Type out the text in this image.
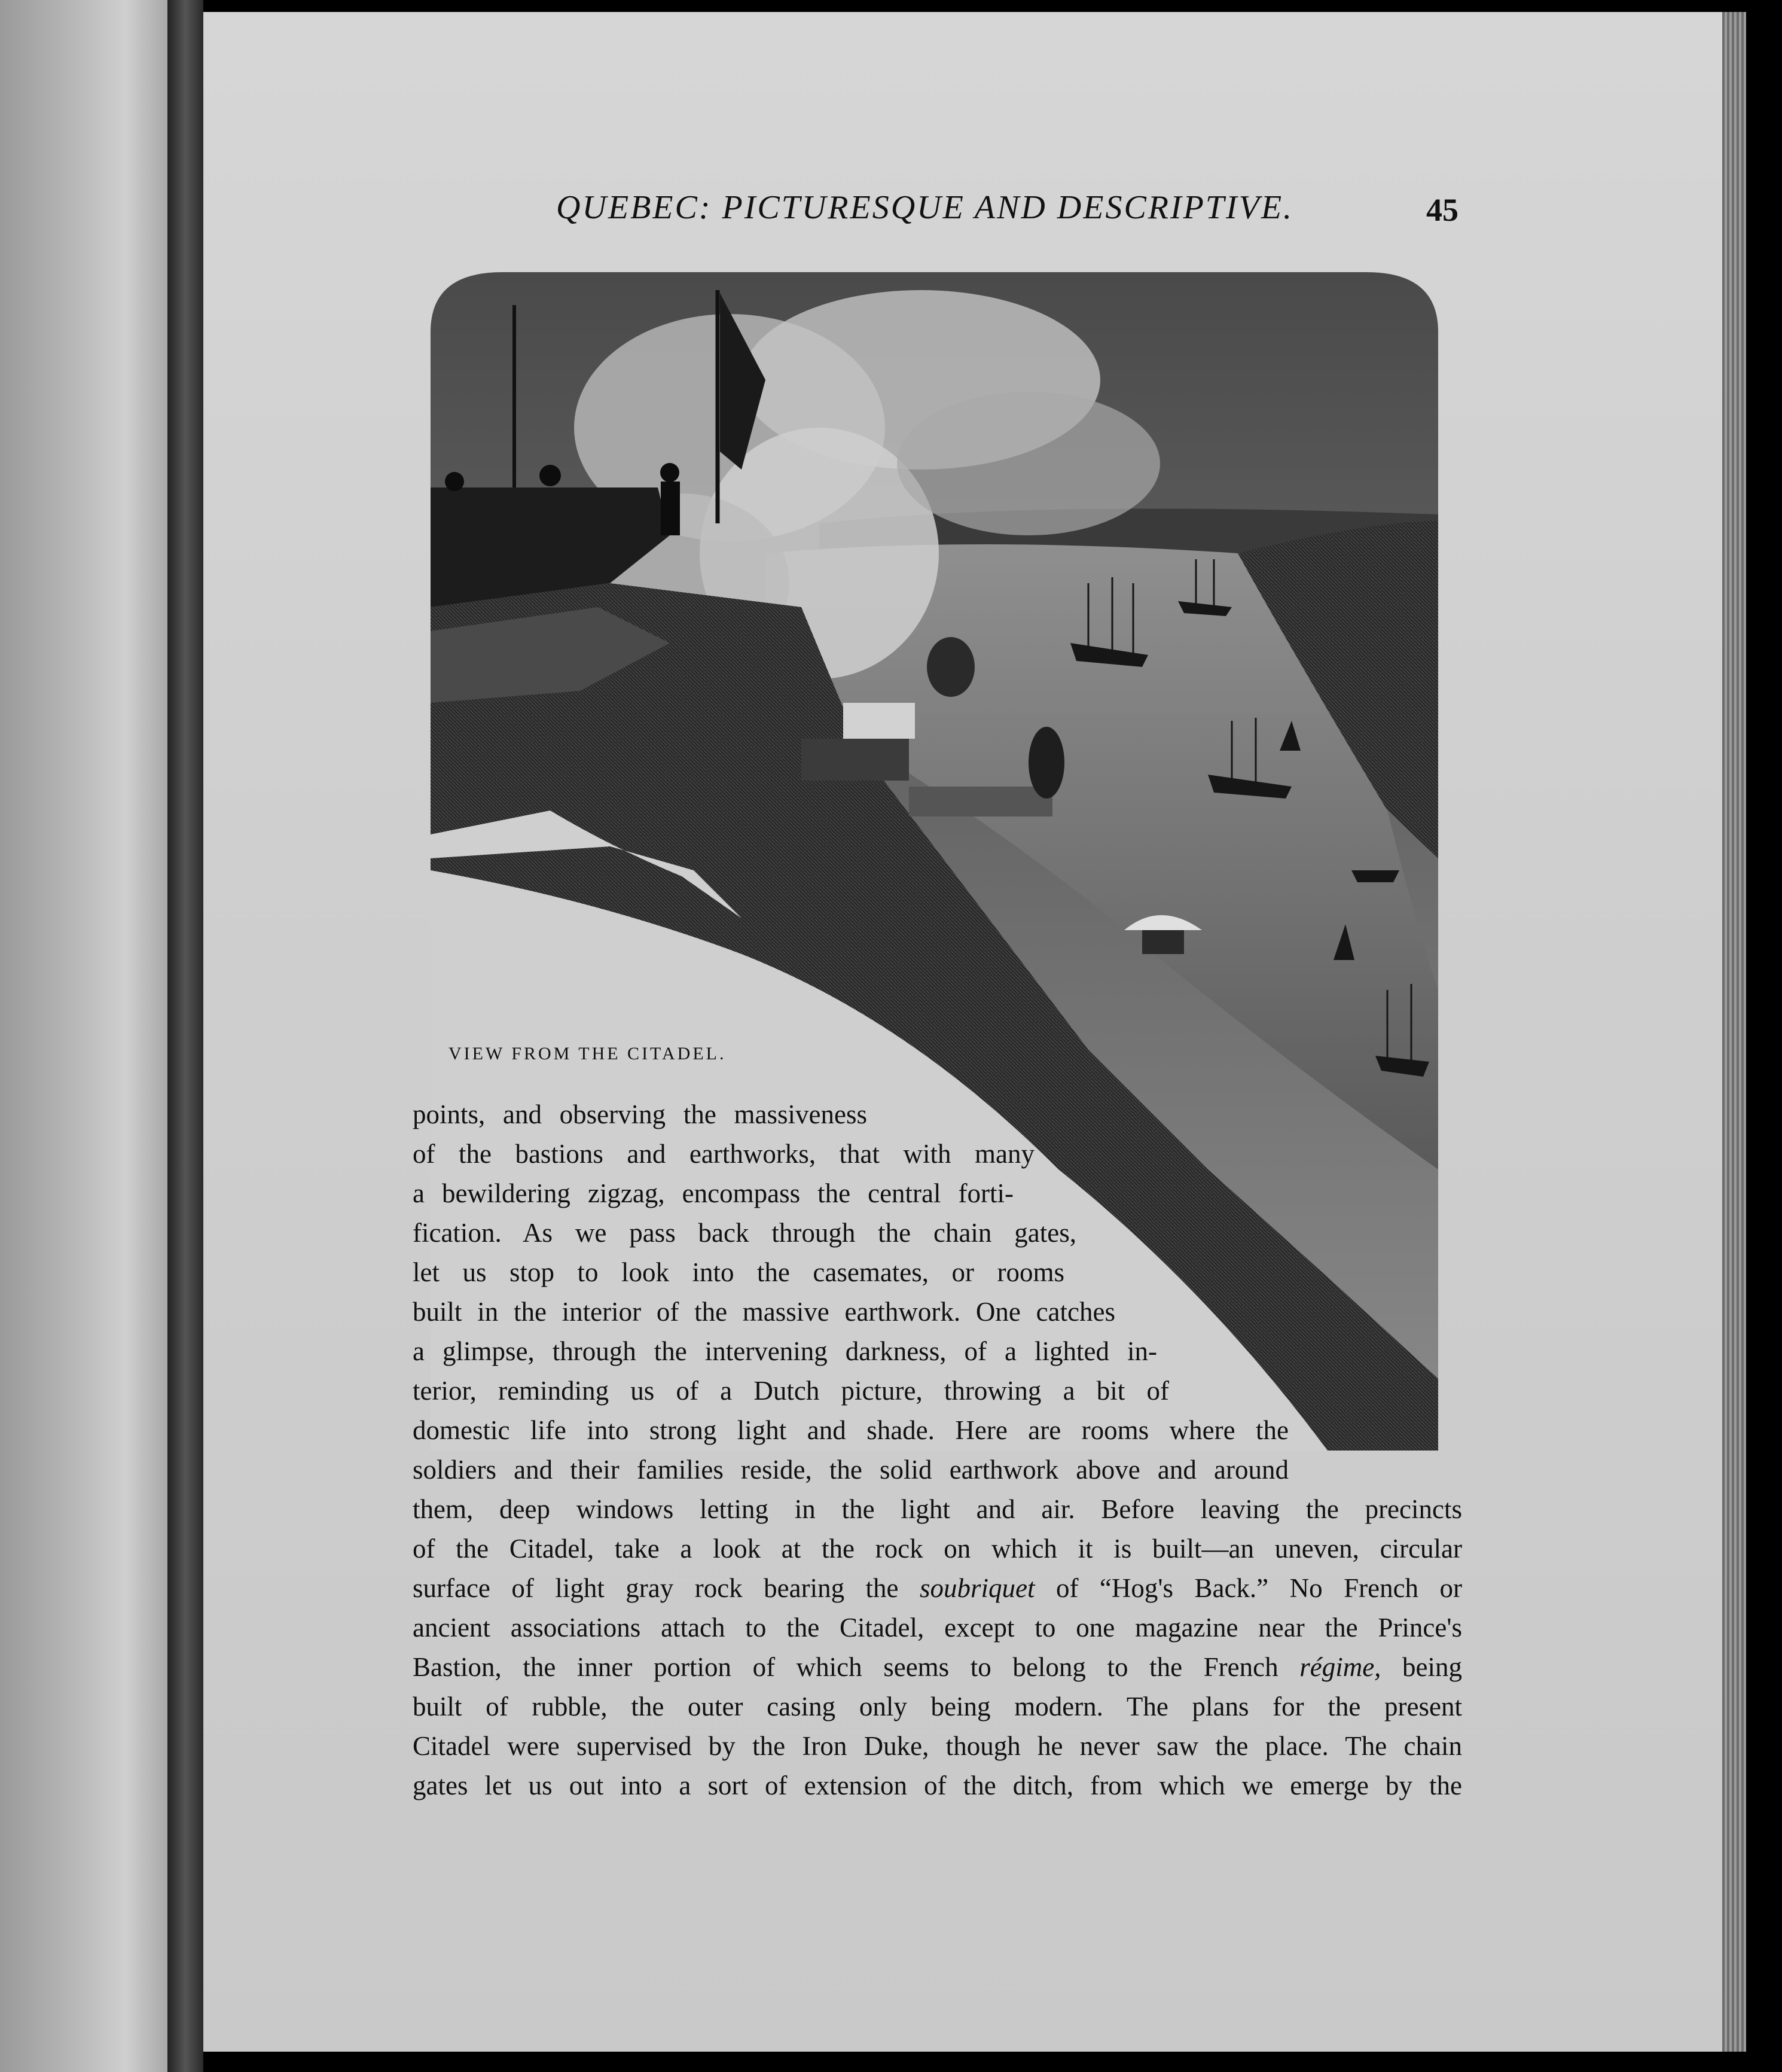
QUEBEC: PICTURESQUE AND DESCRIPTIVE.	45
VIEW FROM THE CITADEL.
points, and observing the massiveness
of the bastions and earthworks, that with many
a bewildering zigzag, encompass the central forti-
fication. As we pass back through the chain gates,
let us stop to look into the casemates, or rooms
built in the interior of the massive earthwork. One catches
a glimpse, through the intervening darkness, of a lighted in-
terior, reminding us of a Dutch picture, throwing a bit of
domestic life into strong light and shade. Here are rooms where the
soldiers and their families reside, the solid earthwork above and around
them, deep windows letting in the light and air. Before leaving the precincts
of the Citadel, take a look at the rock on which it is built—an uneven, circular
surface of light gray rock bearing the soubriquet of “Hog's Back.” No French or
ancient associations attach to the Citadel, except to one magazine near the Prince's
Bastion, the inner portion of which seems to belong to the French régime, being
built of rubble, the outer casing only being modern. The plans for the present
Citadel were supervised by the Iron Duke, though he never saw the place. The chain
gates let us out into a sort of extension of the ditch, from which we emerge by the
